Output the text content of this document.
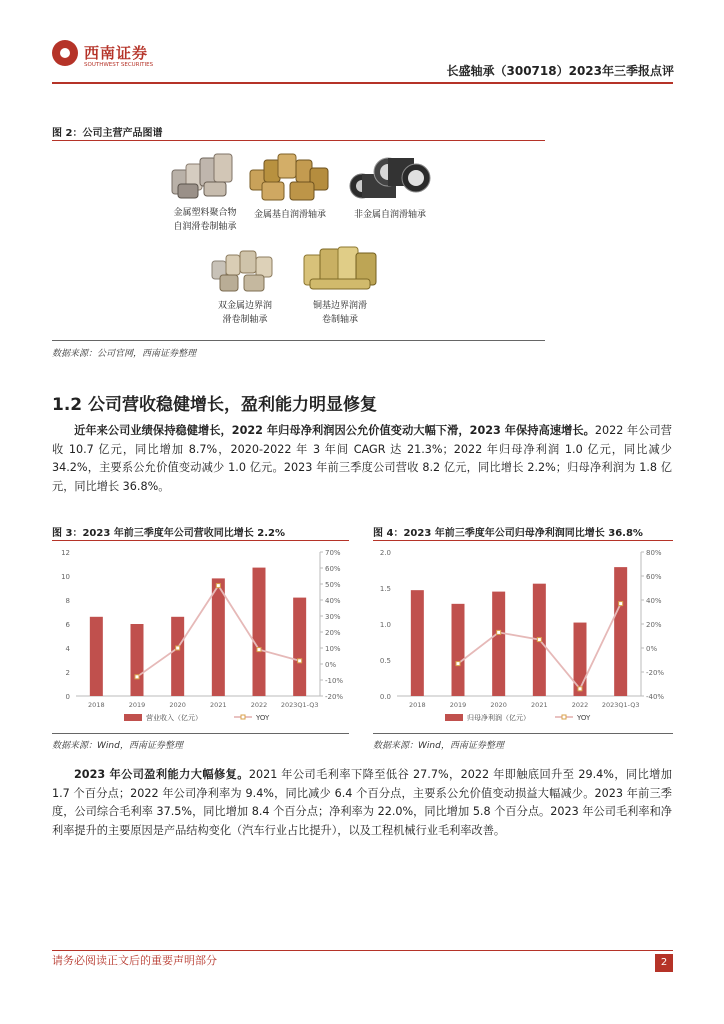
西南证券
SOUTHWEST SECURITIES	长盛轴承（300718）2023年三季报点评
图 2：公司主营产品图谱
金属塑料聚合物
自润滑卷制轴承
金属基自润滑轴承	非金属自润滑轴承
双金属边界润
滑卷制轴承
铜基边界润滑
卷制轴承
数据来源：公司官网，西南证券整理
1.2 公司营收稳健增长，盈利能力明显修复
近年来公司业绩保持稳健增长，2022 年归母净利润因公允价值变动大幅下滑，2023 年保持高速增长。2022 年公司营收 10.7 亿元，同比增加 8.7%，2020-2022 年 3 年间 CAGR 达 21.3%；2022 年归母净利润 1.0 亿元，同比减少 34.2%，主要系公允价值变动减少 1.0 亿元。2023 年前三季度公司营收 8.2 亿元，同比增长 2.2%；归母净利润为 1.8 亿元，同比增长 36.8%。
图 3：2023 年前三季度年公司营收同比增长 2.2%
0
2
4
6
8
10
12
-20%
-10%
0%
10%
20%
30%
40%
50%
60%
70%
2018	2019	2020	2021	2022 2023Q1-Q3
营业收入（亿元）	YOY
数据来源：Wind，西南证券整理
图 4：2023 年前三季度年公司归母净利润同比增长 36.8%
0.0
0.5
1.0
1.5
2.0
-40%
-20%
0%
20%
40%
60%
80%
2018	2019	2020	2021	2022 2023Q1-Q3
归母净利润（亿元）	YOY
数据来源：Wind，西南证券整理
2023 年公司盈利能力大幅修复。2021 年公司毛利率下降至低谷 27.7%，2022 年即触底回升至 29.4%，同比增加 1.7 个百分点；2022 年公司净利率为 9.4%，同比减少 6.4 个百分点，主要系公允价值变动损益大幅减少。2023 年前三季度，公司综合毛利率 37.5%，同比增加 8.4 个百分点；净利率为 22.0%，同比增加 5.8 个百分点。2023 年公司毛利率和净利率提升的主要原因是产品结构变化（汽车行业占比提升），以及工程机械行业毛利率改善。
请务必阅读正文后的重要声明部分	2
